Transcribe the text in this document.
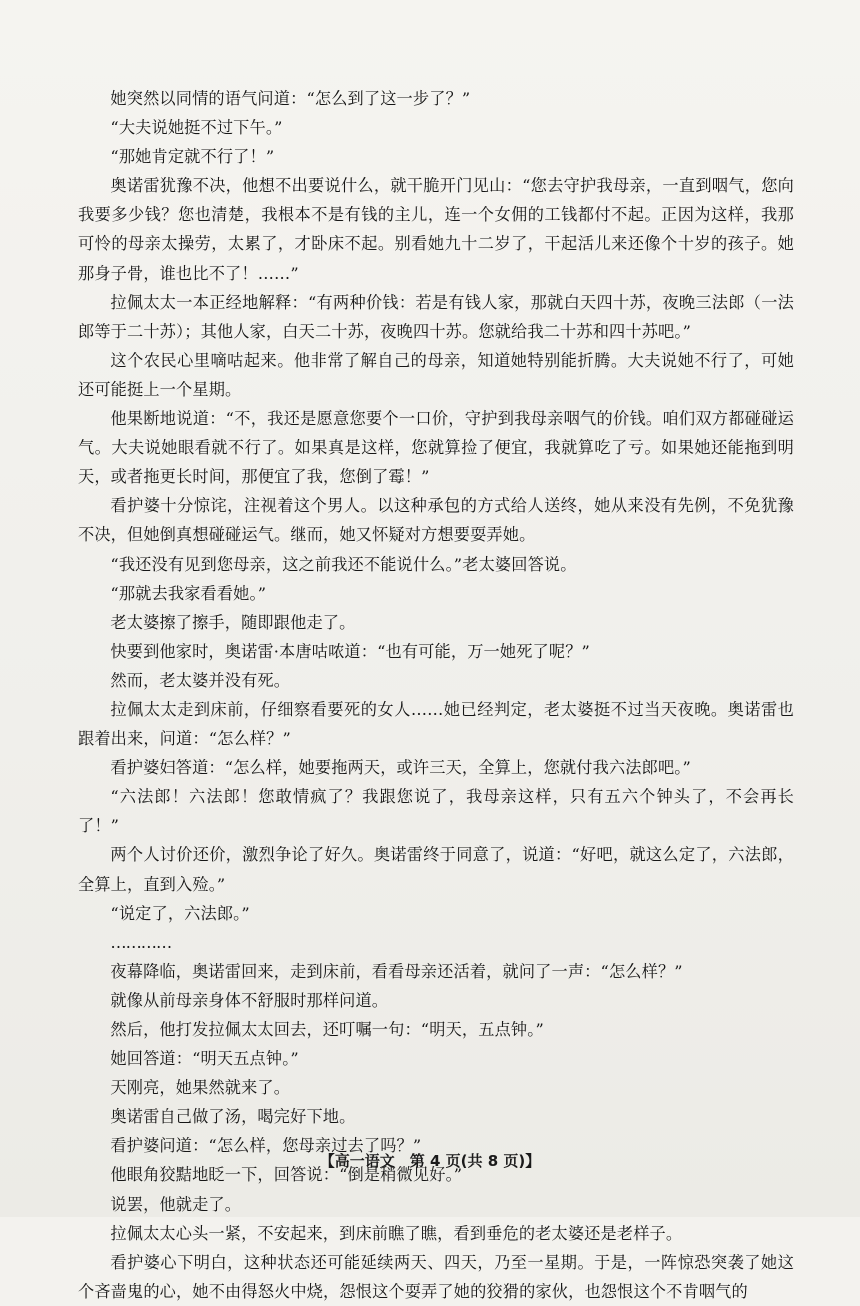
她突然以同情的语气问道：“怎么到了这一步了？”

“大夫说她挺不过下午。”

“那她肯定就不行了！”

奥诺雷犹豫不决，他想不出要说什么，就干脆开门见山：“您去守护我母亲，一直到咽气，您向我要多少钱？您也清楚，我根本不是有钱的主儿，连一个女佣的工钱都付不起。正因为这样，我那可怜的母亲太操劳，太累了，才卧床不起。别看她九十二岁了，干起活儿来还像个十岁的孩子。她那身子骨，谁也比不了！……”

拉佩太太一本正经地解释：“有两种价钱：若是有钱人家，那就白天四十苏，夜晚三法郎（一法郎等于二十苏）；其他人家，白天二十苏，夜晚四十苏。您就给我二十苏和四十苏吧。”

这个农民心里嘀咕起来。他非常了解自己的母亲，知道她特别能折腾。大夫说她不行了，可她还可能挺上一个星期。

他果断地说道：“不，我还是愿意您要个一口价，守护到我母亲咽气的价钱。咱们双方都碰碰运气。大夫说她眼看就不行了。如果真是这样，您就算捡了便宜，我就算吃了亏。如果她还能拖到明天，或者拖更长时间，那便宜了我，您倒了霉！”

看护婆十分惊诧，注视着这个男人。以这种承包的方式给人送终，她从来没有先例，不免犹豫不决，但她倒真想碰碰运气。继而，她又怀疑对方想要耍弄她。

“我还没有见到您母亲，这之前我还不能说什么。”老太婆回答说。

“那就去我家看看她。”

老太婆擦了擦手，随即跟他走了。

快要到他家时，奥诺雷·本唐咕哝道：“也有可能，万一她死了呢？”

然而，老太婆并没有死。

拉佩太太走到床前，仔细察看要死的女人……她已经判定，老太婆挺不过当天夜晚。奥诺雷也跟着出来，问道：“怎么样？”

看护婆妇答道：“怎么样，她要拖两天，或许三天，全算上，您就付我六法郎吧。”

“六法郎！六法郎！您敢情疯了？我跟您说了，我母亲这样，只有五六个钟头了，不会再长了！”

两个人讨价还价，激烈争论了好久。奥诺雷终于同意了，说道：“好吧，就这么定了，六法郎，全算上，直到入殓。”

“说定了，六法郎。”

…………

夜幕降临，奥诺雷回来，走到床前，看看母亲还活着，就问了一声：“怎么样？”

就像从前母亲身体不舒服时那样问道。

然后，他打发拉佩太太回去，还叮嘱一句：“明天，五点钟。”

她回答道：“明天五点钟。”

天刚亮，她果然就来了。

奥诺雷自己做了汤，喝完好下地。

看护婆问道：“怎么样，您母亲过去了吗？”

他眼角狡黠地眨一下，回答说：“倒是稍微见好。”

说罢，他就走了。

拉佩太太心头一紧，不安起来，到床前瞧了瞧，看到垂危的老太婆还是老样子。

看护婆心下明白，这种状态还可能延续两天、四天，乃至一星期。于是，一阵惊恐突袭了她这个吝啬鬼的心，她不由得怒火中烧，怨恨这个耍弄了她的狡猾的家伙，也怨恨这个不肯咽气的

【高一语文　第 4 页(共 8 页)】
